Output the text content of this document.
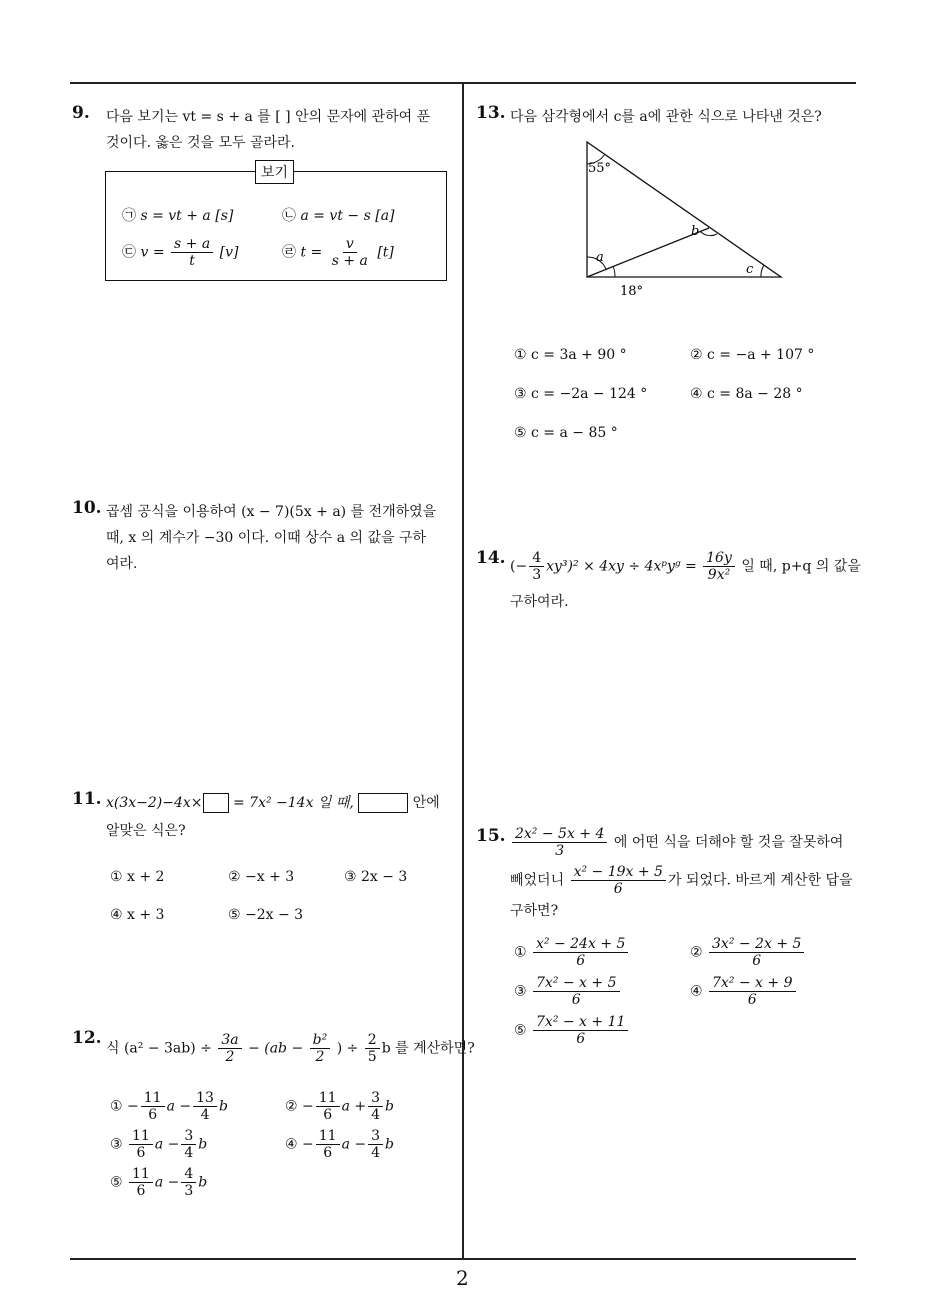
2
9. 다음 보기는 vt = s + a 를 [ ] 안의 문자에 관하여 푼
것이다. 옳은 것을 모두 골라라.
보기
㉠ s = vt + a [s]	㉡ a = vt − s [a]
㉢ $v = \frac{s + a}{t} [v]$	㉣ $t = \frac{v}{s + a} [t]$
10. 곱셈 공식을 이용하여 (x − 7)(5x + a) 를 전개하였을
때, x 의 계수가 −30 이다. 이때 상수 a 의 값을 구하
여라.
11. x(3x−2)−4x× = 7x² −14x 일 때,	안에
알맞은 식은?
① x + 2	② −x + 3	③ 2x − 3
④ x + 3	⑤ −2x − 3
12.
식 $(a^2 - 3ab) \div \frac{3a}{2} - (ab - \frac{\text{b²}}{2}$ ) ÷ $\frac{2}{5}$ b 를 계산하면?
① − $\frac{11}{6}$ $a - \frac{13}{4}$ b	② − $\frac{11}{6}$ $a + \frac{3}{4}$ b
③ $\frac{11}{6}$ $a - \frac{3}{4}$ b	④ − $\frac{11}{6}$ $a - \frac{3}{4}$ b
⑤ $\frac{11}{6}$ $a - \frac{4}{3}$ b
13. 다음 삼각형에서 c를 a에 관한 식으로 나타낸 것은?
55°
a
b
c
18°
① c = 3a + 90 °	② c = −a + 107 °
③ c = −2a − 124 °	④ c = 8a − 28 °
⑤ c = a − 85 °
14. (− $\frac{4}{3} xy^3)^2 \times 4xy$ ÷ 4xᵖyᵍ = $\frac{16y}{\text{9x²}}$ 일 때, p+q 의 값을
구하여라.
15. $\frac{\text{2x² − 5x + 4}}{3}$ 에 어떤 식을 더해야 할 것을 잘못하여
빼었더니 $\frac{\text{x² − 19x + 5}}{6}$ 가 되었다. 바르게 계산한 답을
구하면?
① $\frac{\text{x² − 24x + 5}}{6}$	② $\frac{\text{3x² − 2x + 5}}{6}$
③ $\frac{\text{7x² − x + 5}}{6}$	④ $\frac{\text{7x² − x + 9}}{6}$
⑤ $\frac{\text{7x² − x + 11}}{6}$
